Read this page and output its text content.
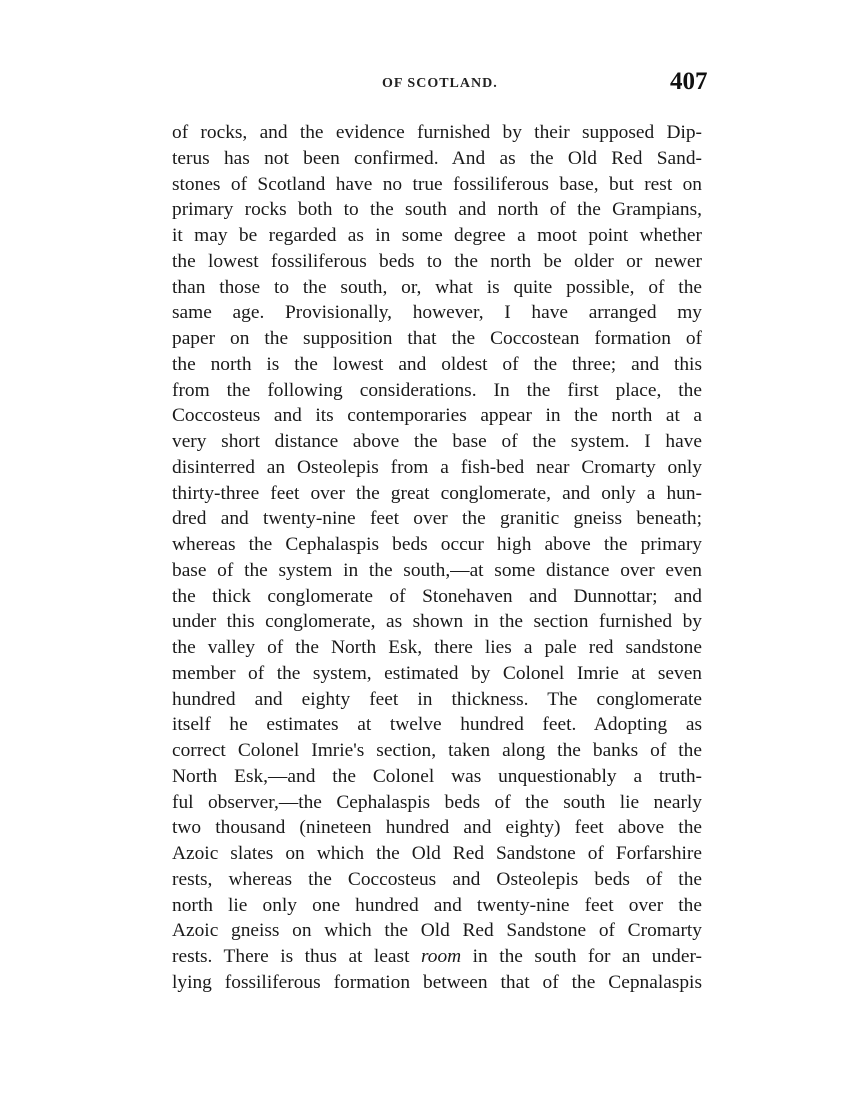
OF SCOTLAND.	407
of rocks, and the evidence furnished by their supposed Dip-
terus has not been confirmed. And as the Old Red Sand-
stones of Scotland have no true fossiliferous base, but rest on
primary rocks both to the south and north of the Grampians,
it may be regarded as in some degree a moot point whether
the lowest fossiliferous beds to the north be older or newer
than those to the south, or, what is quite possible, of the
same age. Provisionally, however, I have arranged my
paper on the supposition that the Coccostean formation of
the north is the lowest and oldest of the three; and this
from the following considerations. In the first place, the
Coccosteus and its contemporaries appear in the north at a
very short distance above the base of the system. I have
disinterred an Osteolepis from a fish-bed near Cromarty only
thirty-three feet over the great conglomerate, and only a hun-
dred and twenty-nine feet over the granitic gneiss beneath;
whereas the Cephalaspis beds occur high above the primary
base of the system in the south,—at some distance over even
the thick conglomerate of Stonehaven and Dunnottar; and
under this conglomerate, as shown in the section furnished by
the valley of the North Esk, there lies a pale red sandstone
member of the system, estimated by Colonel Imrie at seven
hundred and eighty feet in thickness. The conglomerate
itself he estimates at twelve hundred feet. Adopting as
correct Colonel Imrie's section, taken along the banks of the
North Esk,—and the Colonel was unquestionably a truth-
ful observer,—the Cephalaspis beds of the south lie nearly
two thousand (nineteen hundred and eighty) feet above the
Azoic slates on which the Old Red Sandstone of Forfarshire
rests, whereas the Coccosteus and Osteolepis beds of the
north lie only one hundred and twenty-nine feet over the
Azoic gneiss on which the Old Red Sandstone of Cromarty
rests. There is thus at least room in the south for an under-
lying fossiliferous formation between that of the Cepnalaspis
